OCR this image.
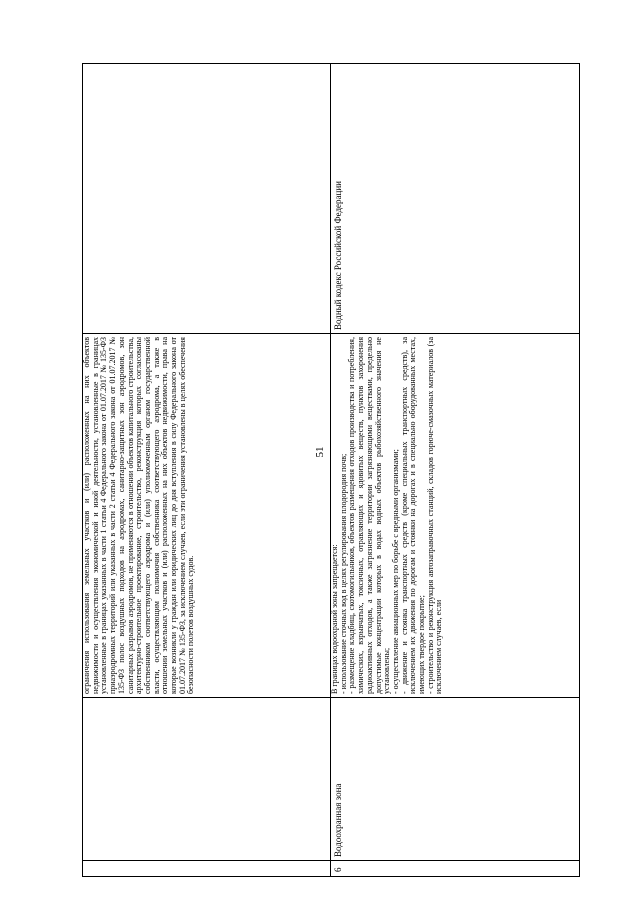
51
ограничения использования земельных участков и (или) расположенных на них объектов недвижимости и осуществления экономической и иной деятельности, установленные в границах установленные в границах указанных в части 1 статьи 4 Федерального закона от 01.07.2017 № 135-ФЗ приаэродромных территорий или указанных в части 2 статьи 4 Федерального закона от 01.07.2017 № 135-ФЗ полос воздушных подходов на аэродромах, санитарно-защитных зон аэродромов, зон санитарных разрывов аэродромов, не применяются в отношении объектов капитального строительства, архитектурно-строительное проектирование, строительство, реконструкция которых согласованы собственником соответствующего аэродрома и (или) уполномоченным органом государственной власти, осуществляющим полномочия собственника соответствующего аэродрома, а также в отношении земельных участков и (или) расположенных на них объектов недвижимости, права на которые возникли у граждан или юридических лиц до дня вступления в силу Федерального закона от 01.07.2017 № 135-ФЗ, за исключением случаев, если эти ограничения установлены в целях обеспечения безопасности полетов воздушных судов.
6
Водоохранная зона

В границах водоохраной зоны запрещается: - использование сточных вод в целях регулирования плодородия почв; - размещение кладбищ, скотомогильников, объектов размещения отходов производства и потребления, химических, взрывчатых, токсичных, отравляющих и ядовитых веществ, пунктов захоронения радиоактивных отходов, а также загрязнение территории загрязняющими веществами, предельно допустимые концентрации которых в водах водных объектов рыбохозяйственного значения не установлены; - осуществление авиационных мер по борьбе с вредными организмами; - движение и стоянка транспортных средств (кроме специальных транспортных средств), за исключением их движения по дорогам и стоянки на дорогах и в специально оборудованных местах, имеющих твердое покрытие; - строительство и реконструкция автозаправочных станций, складов горюче-смазочных материалов (за исключением случаев, если

Водный кодекс Российской Федерации
